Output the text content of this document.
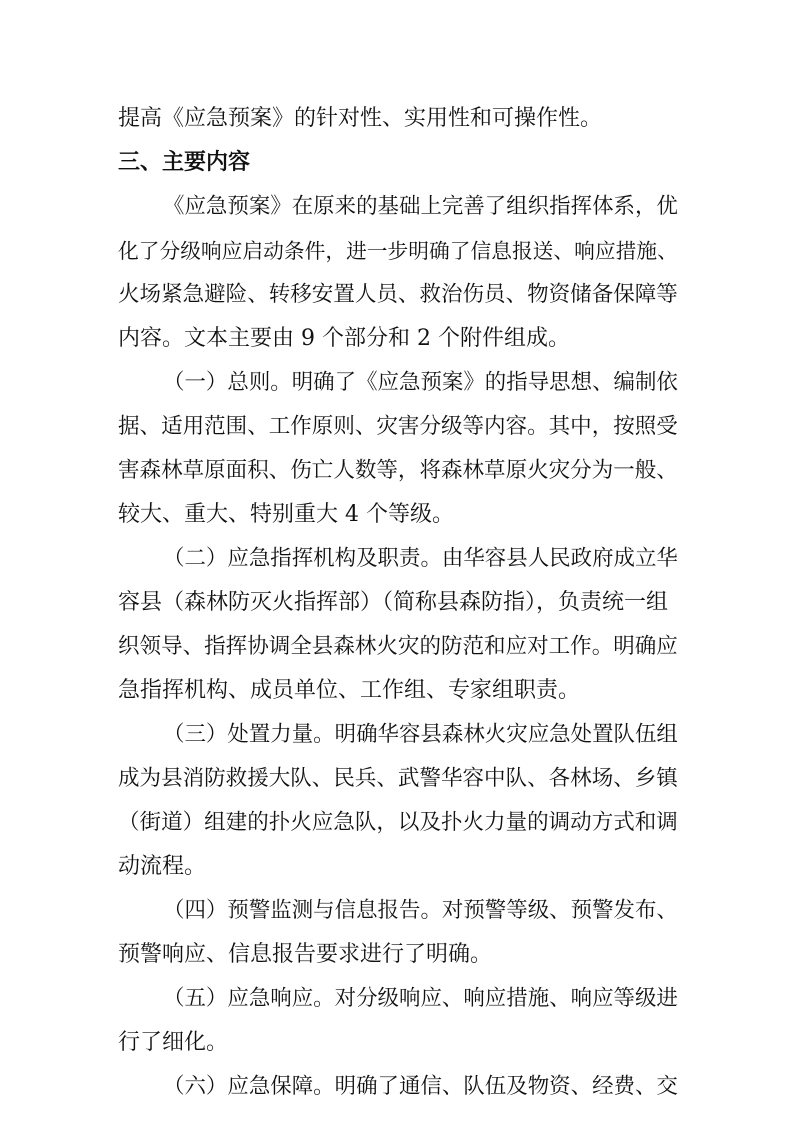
提高《应急预案》的针对性、实用性和可操作性。
三、主要内容
《应急预案》在原来的基础上完善了组织指挥体系，优
化了分级响应启动条件，进一步明确了信息报送、响应措施、
火场紧急避险、转移安置人员、救治伤员、物资储备保障等
内容。文本主要由 9 个部分和 2 个附件组成。
（一）总则。明确了《应急预案》的指导思想、编制依
据、适用范围、工作原则、灾害分级等内容。其中，按照受
害森林草原面积、伤亡人数等，将森林草原火灾分为一般、
较大、重大、特别重大 4 个等级。
（二）应急指挥机构及职责。由华容县人民政府成立华
容县（森林防灭火指挥部）（简称县森防指），负责统一组
织领导、指挥协调全县森林火灾的防范和应对工作。明确应
急指挥机构、成员单位、工作组、专家组职责。
（三）处置力量。明确华容县森林火灾应急处置队伍组
成为县消防救援大队、民兵、武警华容中队、各林场、乡镇
（街道）组建的扑火应急队，以及扑火力量的调动方式和调
动流程。
（四）预警监测与信息报告。对预警等级、预警发布、
预警响应、信息报告要求进行了明确。
（五）应急响应。对分级响应、响应措施、响应等级进
行了细化。
（六）应急保障。明确了通信、队伍及物资、经费、交
